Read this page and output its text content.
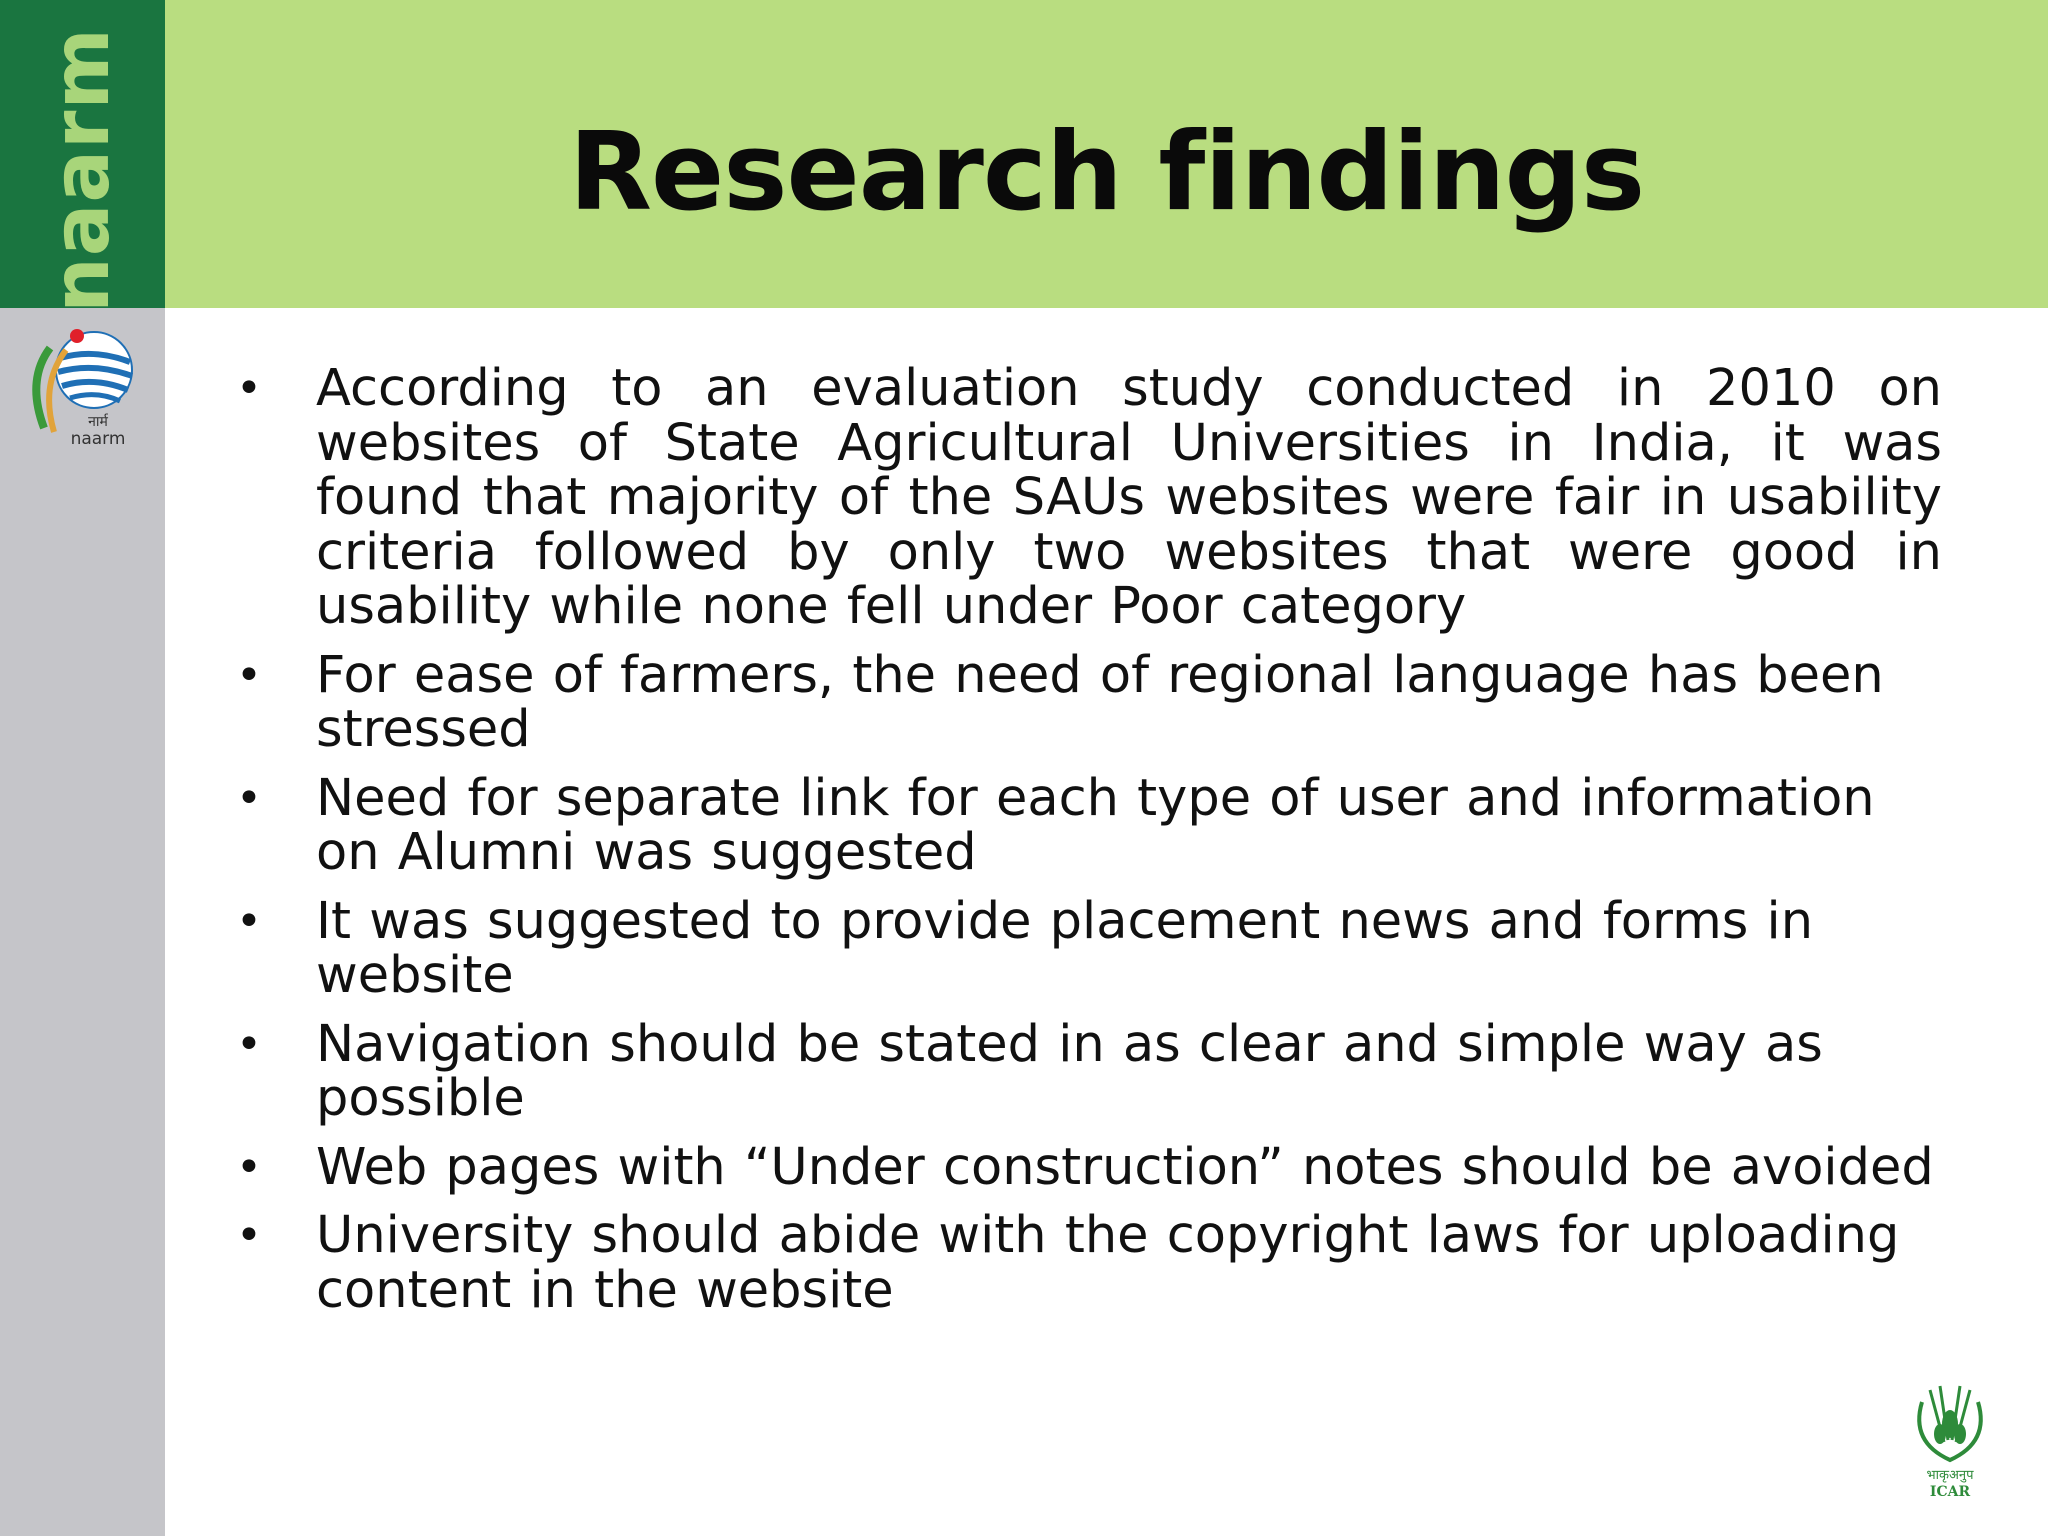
naarm
नार्म
naarm
Research findings
• According to an evaluation study conducted in 2010 on websites of State Agricultural Universities in India, it was found that majority of the SAUs websites were fair in usability criteria followed by only two websites that were good in usability while none fell under Poor category
• For ease of farmers, the need of regional language has been stressed
• Need for separate link for each type of user and information on Alumni was suggested
• It was suggested to provide placement news and forms in website
• Navigation should be stated in as clear and simple way as possible
• Web pages with “Under construction” notes should be avoided
• University should abide with the copyright laws for uploading content in the website
भाकृअनुप
ICAR
